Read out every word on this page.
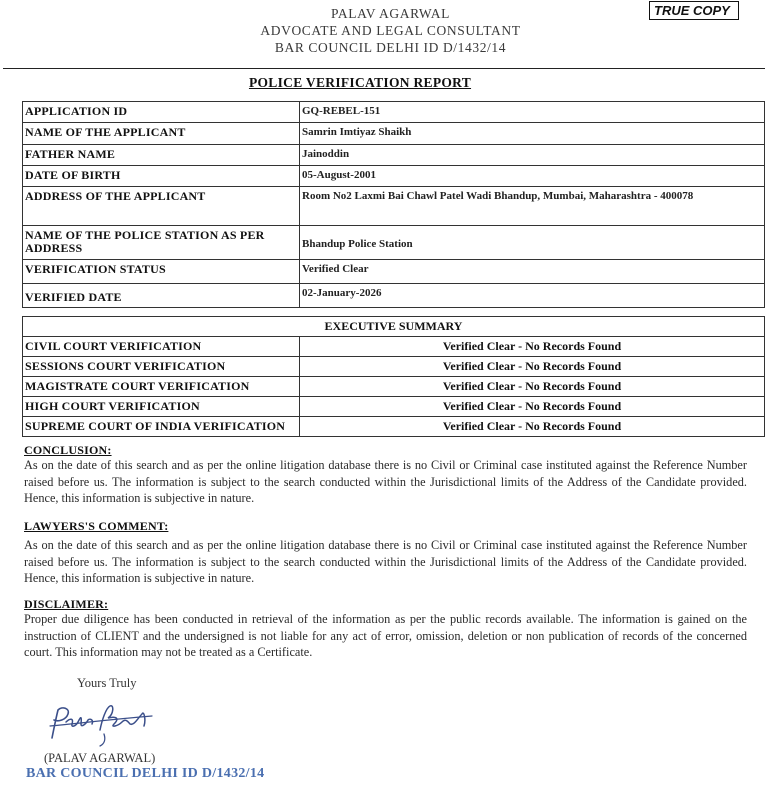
PALAV AGARWAL
ADVOCATE AND LEGAL CONSULTANT
BAR COUNCIL DELHI ID D/1432/14
TRUE COPY
POLICE VERIFICATION REPORT
APPLICATION ID	GQ-REBEL-151
NAME OF THE APPLICANT	Samrin Imtiyaz Shaikh
FATHER NAME	Jainoddin
DATE OF BIRTH	05-August-2001
ADDRESS OF THE APPLICANT	Room No2 Laxmi Bai Chawl Patel Wadi Bhandup, Mumbai, Maharashtra - 400078
NAME OF THE POLICE STATION AS PER ADDRESS	Bhandup Police Station
VERIFICATION STATUS	Verified Clear
VERIFIED DATE	02-January-2026
EXECUTIVE SUMMARY	
CIVIL COURT VERIFICATION	Verified Clear - No Records Found
SESSIONS COURT VERIFICATION	Verified Clear - No Records Found
MAGISTRATE COURT VERIFICATION	Verified Clear - No Records Found
HIGH COURT VERIFICATION	Verified Clear - No Records Found
SUPREME COURT OF INDIA VERIFICATION	Verified Clear - No Records Found
CONCLUSION:
As on the date of this search and as per the online litigation database there is no Civil or Criminal case instituted against the Reference Number raised before us. The information is subject to the search conducted within the Jurisdictional limits of the Address of the Candidate provided. Hence, this information is subjective in nature.
LAWYERS'S COMMENT:
As on the date of this search and as per the online litigation database there is no Civil or Criminal case instituted against the Reference Number raised before us. The information is subject to the search conducted within the Jurisdictional limits of the Address of the Candidate provided. Hence, this information is subjective in nature.
DISCLAIMER:
Proper due diligence has been conducted in retrieval of the information as per the public records available. The information is gained on the instruction of CLIENT and the undersigned is not liable for any act of error, omission, deletion or non publication of records of the concerned court. This information may not be treated as a Certificate.
Yours Truly
(PALAV AGARWAL)
BAR COUNCIL DELHI ID D/1432/14
